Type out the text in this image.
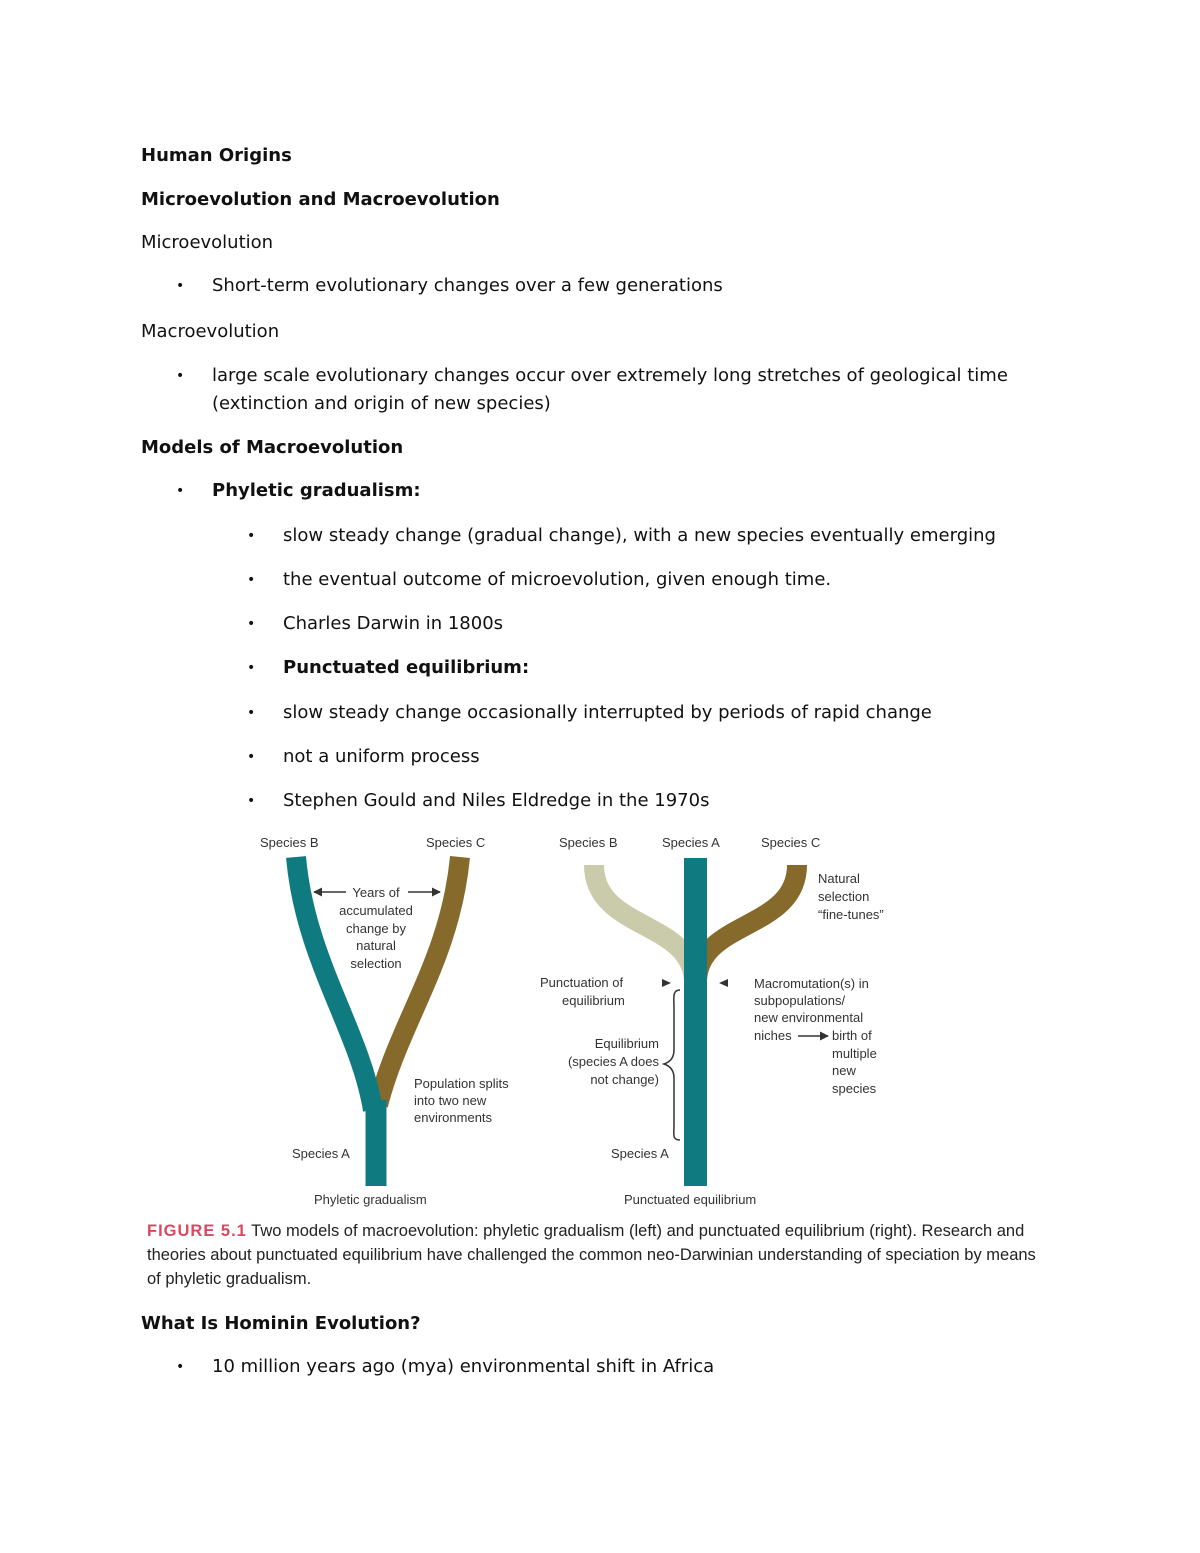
Human Origins
Microevolution and Macroevolution
Microevolution
• Short-term evolutionary changes over a few generations
Macroevolution
• large scale evolutionary changes occur over extremely long stretches of geological time
(extinction and origin of new species)
Models of Macroevolution
• Phyletic gradualism:
• slow steady change (gradual change), with a new species eventually emerging
• the eventual outcome of microevolution, given enough time.
• Charles Darwin in 1800s
• Punctuated equilibrium:
• slow steady change occasionally interrupted by periods of rapid change
• not a uniform process
• Stephen Gould and Niles Eldredge in the 1970s
Species B	Species C
Species A
Years of
accumulated
change by
natural
selection
Population splits
into two new
environments
Phyletic gradualism
Species B	Species A	Species C
Species A
Natural
selection
“fine-tunes”
Punctuation of
equilibrium
Equilibrium
(species A does
not change)
Macromutation(s) in
subpopulations/
new environmental
niches	birth of
multiple
new
species
Punctuated equilibrium
FIGURE 5.1 Two models of macroevolution: phyletic gradualism (left) and punctuated equilibrium (right). Research and theories about punctuated equilibrium have challenged the common neo-Darwinian understanding of speciation by means of phyletic gradualism.
What Is Hominin Evolution?
• 10 million years ago (mya) environmental shift in Africa
